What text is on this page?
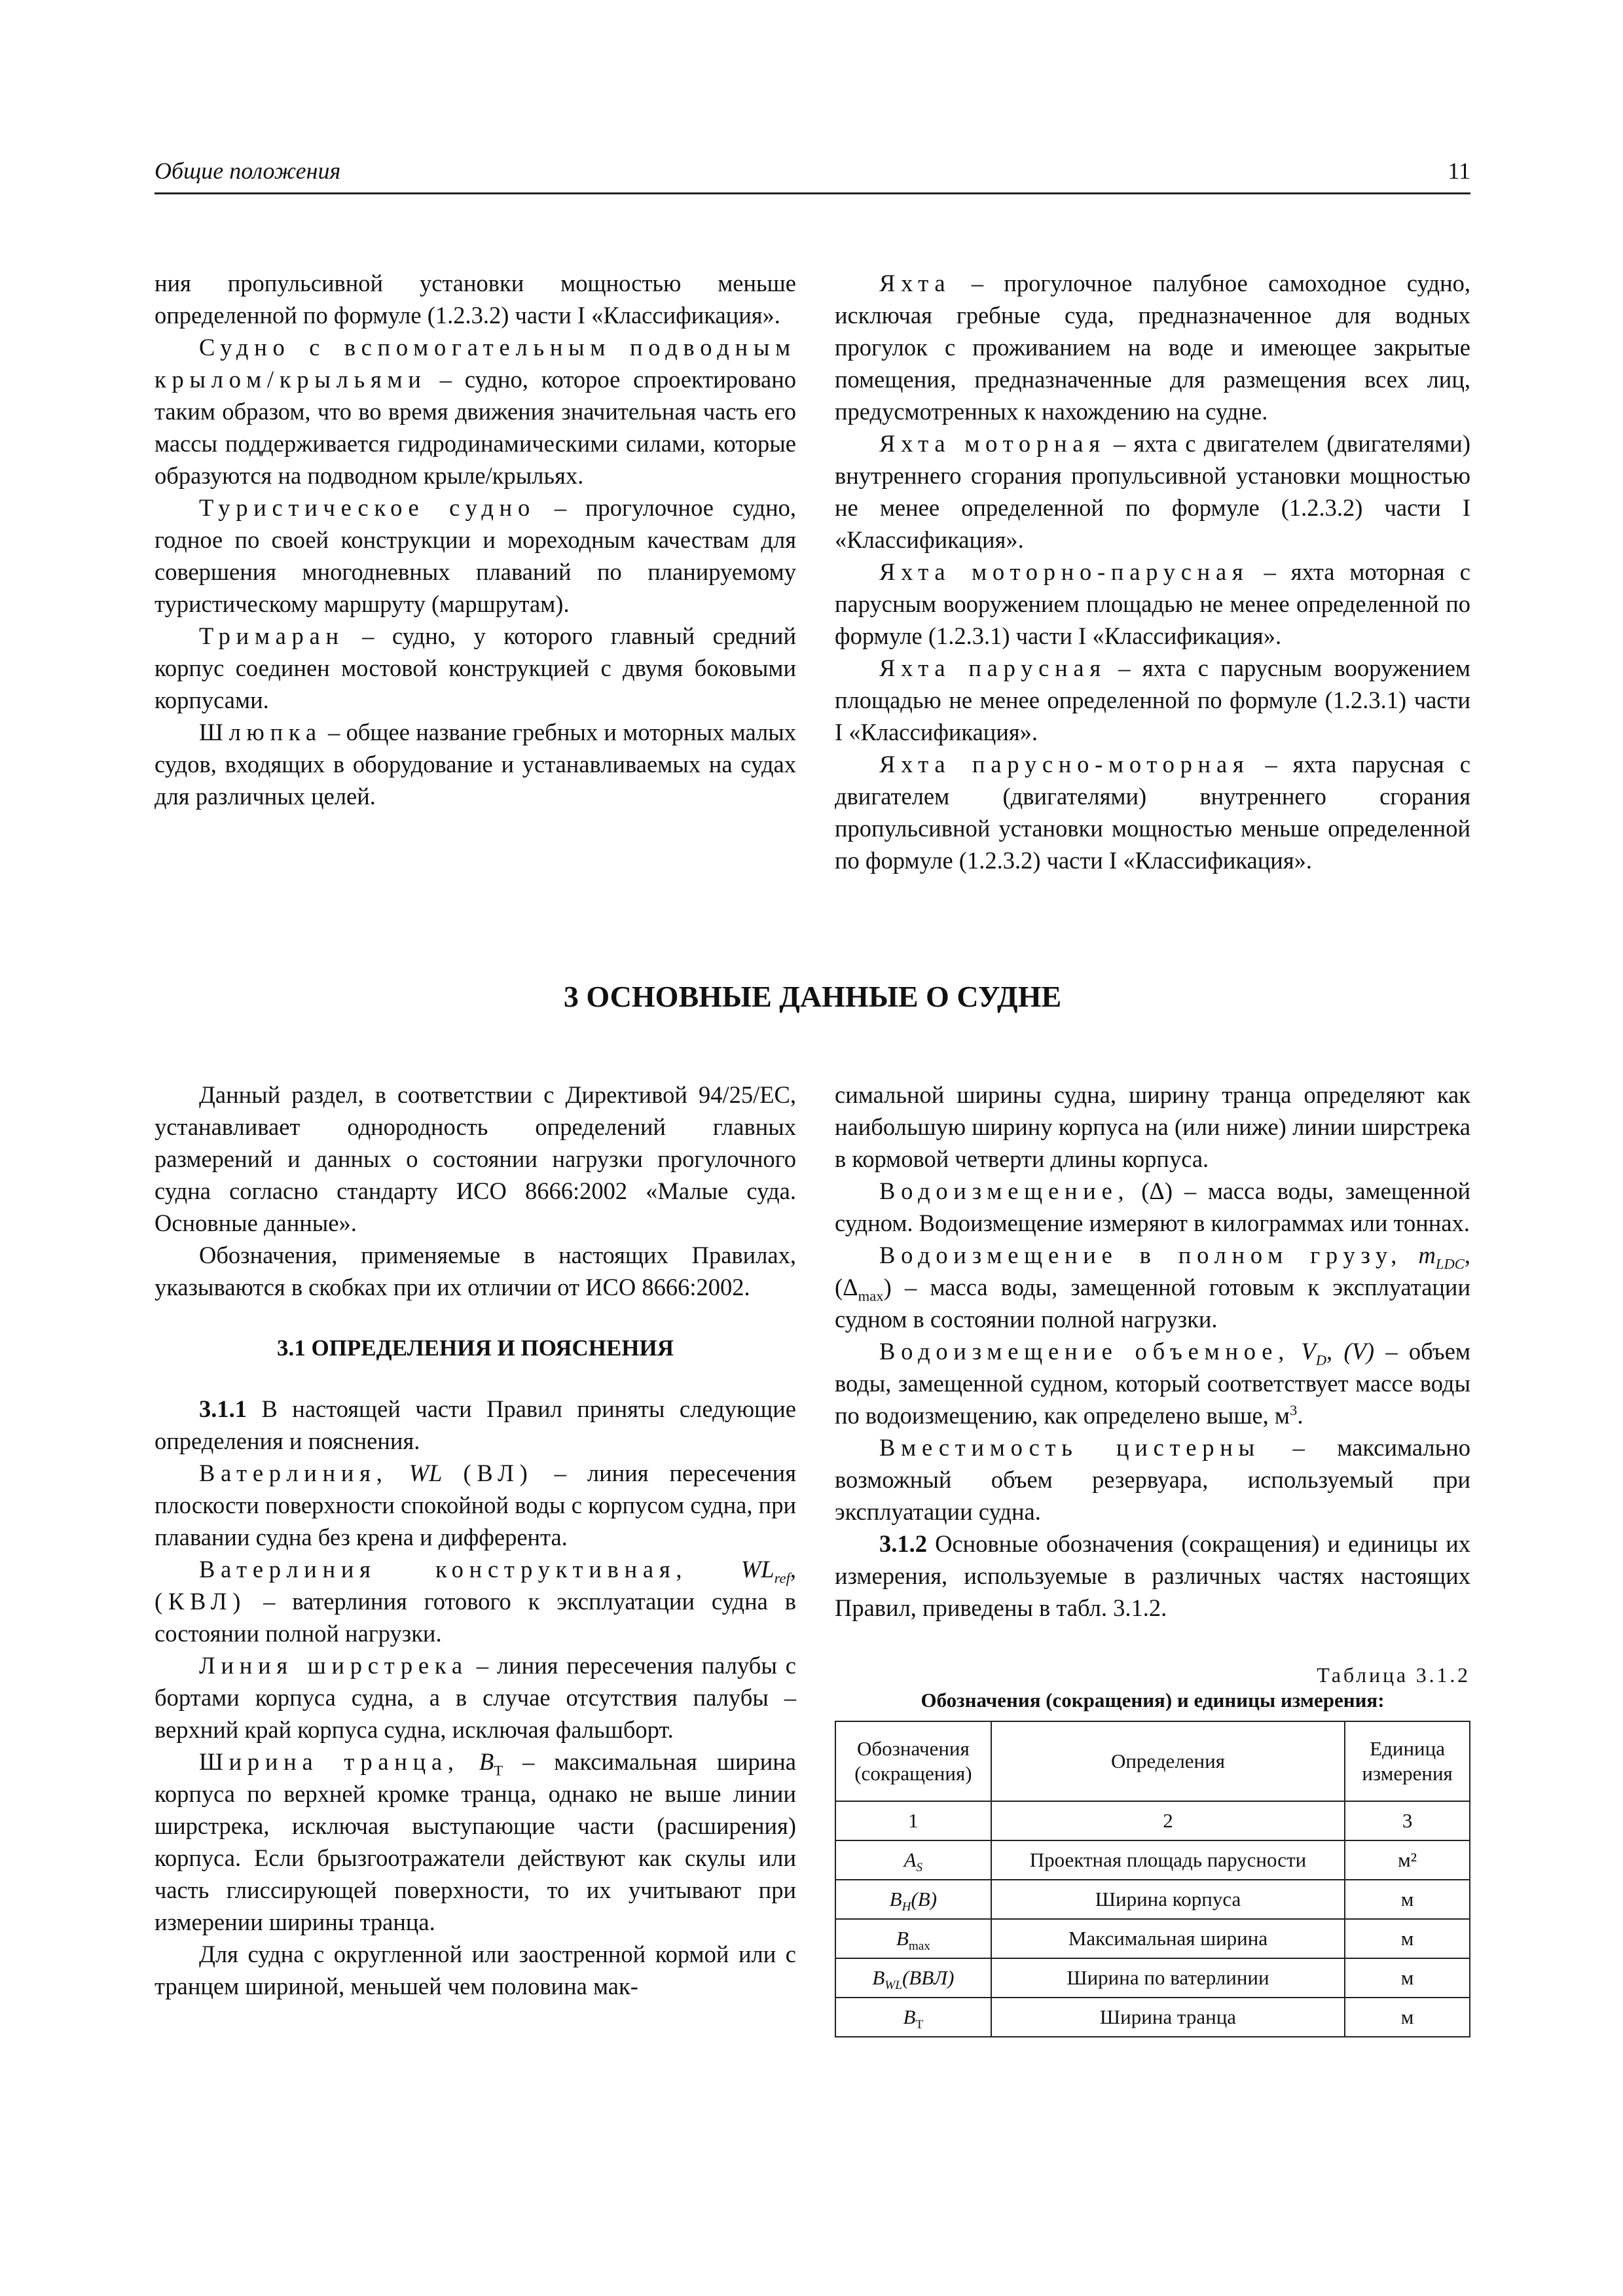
Общие положения	11

ния пропульсивной установки мощностью меньше определенной по формуле (1.2.3.2) части I «Классификация».

Судно с вспомогательным подводным крылом/крыльями – судно, которое спроектировано таким образом, что во время движения значительная часть его массы поддерживается гидродинамическими силами, которые образуются на подводном крыле/крыльях.

Туристическое судно – прогулочное судно, годное по своей конструкции и мореходным качествам для совершения многодневных плаваний по планируемому туристическому маршруту (маршрутам).

Тримаран – судно, у которого главный средний корпус соединен мостовой конструкцией с двумя боковыми корпусами.

Шлюпка – общее название гребных и моторных малых судов, входящих в оборудование и устанавливаемых на судах для различных целей.

Яхта – прогулочное палубное самоходное судно, исключая гребные суда, предназначенное для водных прогулок с проживанием на воде и имеющее закрытые помещения, предназначенные для размещения всех лиц, предусмотренных к нахождению на судне.

Яхта моторная – яхта с двигателем (двигателями) внутреннего сгорания пропульсивной установки мощностью не менее определенной по формуле (1.2.3.2) части I «Классификация».

Яхта моторно-парусная – яхта моторная с парусным вооружением площадью не менее определенной по формуле (1.2.3.1) части I «Классификация».

Яхта парусная – яхта с парусным вооружением площадью не менее определенной по формуле (1.2.3.1) части I «Классификация».

Яхта парусно-моторная – яхта парусная с двигателем (двигателями) внутреннего сгорания пропульсивной установки мощностью меньше определенной по формуле (1.2.3.2) части I «Классификация».

3 ОСНОВНЫЕ ДАННЫЕ О СУДНЕ

Данный раздел, в соответствии с Директивой 94/25/ЕС, устанавливает однородность определений главных размерений и данных о состоянии нагрузки прогулочного судна согласно стандарту ИСО 8666:2002 «Малые суда. Основные данные».

Обозначения, применяемые в настоящих Правилах, указываются в скобках при их отличии от ИСО 8666:2002.

3.1 ОПРЕДЕЛЕНИЯ И ПОЯСНЕНИЯ

3.1.1 В настоящей части Правил приняты следующие определения и пояснения.

Ватерлиния, WL (ВЛ) – линия пересечения плоскости поверхности спокойной воды с корпусом судна, при плавании судна без крена и дифферента.

Ватерлиния конструктивная, $WL_{ref}$, (КВЛ) – ватерлиния готового к эксплуатации судна в состоянии полной нагрузки.

Линия ширстрека – линия пересечения палубы с бортами корпуса судна, а в случае отсутствия палубы – верхний край корпуса судна, исключая фальшборт.

Ширина транца, $B_T$ – максимальная ширина корпуса по верхней кромке транца, однако не выше линии ширстрека, исключая выступающие части (расширения) корпуса. Если брызгоотражатели действуют как скулы или часть глиссирующей поверхности, то их учитывают при измерении ширины транца.

Для судна с округленной или заостренной кормой или с транцем шириной, меньшей чем половина мак-

симальной ширины судна, ширину транца определяют как наибольшую ширину корпуса на (или ниже) линии ширстрека в кормовой четверти длины корпуса.

Водоизмещение, (Δ) – масса воды, замещенной судном. Водоизмещение измеряют в килограммах или тоннах.

Водоизмещение в полном грузу, $m_{LDC}$, $(\Delta_{max})$ – масса воды, замещенной готовым к эксплуатации судном в состоянии полной нагрузки.

Водоизмещение объемное, $V_D$, (V) – объем воды, замещенной судном, который соответствует массе воды по водоизмещению, как определено выше, $м^3$.

Вместимость цистерны – максимально возможный объем резервуара, используемый при эксплуатации судна.

3.1.2 Основные обозначения (сокращения) и единицы их измерения, используемые в различных частях настоящих Правил, приведены в табл. 3.1.2.

Таблица 3.1.2

Обозначения (сокращения) и единицы измерения:

Обозначения (сокращения)	Определения	Единица измерения
1	2	3
$A_S$	Проектная площадь парусности	м²
$B_H(B)$	Ширина корпуса	м
$B_{max}$	Максимальная ширина	м
$B_{WL}(BВЛ)$	Ширина по ватерлинии	м
$B_T$	Ширина транца	м
